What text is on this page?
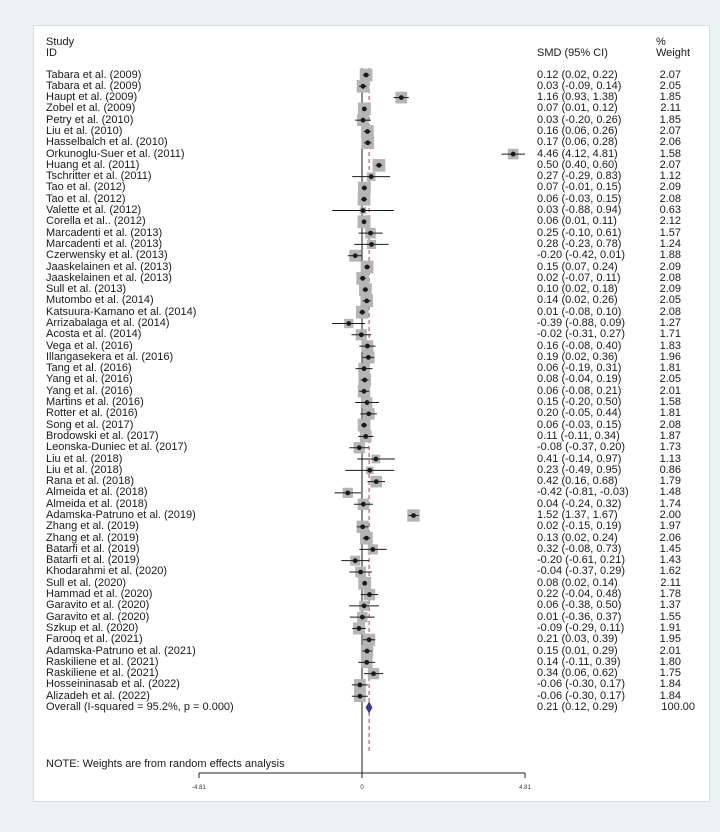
Study
ID	SMD (95% CI)
%
Weight
Tabara et al. (2009)	0.12 (0.02, 0.22)	2.07
Tabara et al. (2009)	0.03 (-0.09, 0.14)	2.05
Haupt et al. (2009)	1.16 (0.93, 1.38)	1.85
Zobel et al. (2009)	0.07 (0.01, 0.12)	2.11
Petry et al. (2010)	0.03 (-0.20, 0.26)	1.85
Liu et al. (2010)	0.16 (0.06, 0.26)	2.07
Hasselbalch et al. (2010)	0.17 (0.06, 0.28)	2.06
Orkunoglu-Suer et al. (2011)	4.46 (4.12, 4.81)	1.58
Huang et al. (2011)	0.50 (0.40, 0.60)	2.07
Tschritter et al. (2011)	0.27 (-0.29, 0.83)	1.12
Tao et al. (2012)	0.07 (-0.01, 0.15)	2.09
Tao et al. (2012)	0.06 (-0.03, 0.15)	2.08
Valette et al. (2012)	0.03 (-0.88, 0.94)	0.63
Corella et al.. (2012)	0.06 (0.01, 0.11)	2.12
Marcadenti et al. (2013)	0.25 (-0.10, 0.61)	1.57
Marcadenti et al. (2013)	0.28 (-0.23, 0.78)	1.24
Czerwensky et al. (2013)	-0.20 (-0.42, 0.01)	1.88
Jaaskelainen et al. (2013)	0.15 (0.07, 0.24)	2.09
Jaaskelainen et al. (2013)	0.02 (-0.07, 0.11)	2.08
Sull et al. (2013)	0.10 (0.02, 0.18)	2.09
Mutombo et al. (2014)	0.14 (0.02, 0.26)	2.05
Katsuura-Kamano et al. (2014)	0.01 (-0.08, 0.10)	2.08
Arrizabalaga et al. (2014)	-0.39 (-0.88, 0.09)	1.27
Acosta et al. (2014)	-0.02 (-0.31, 0.27)	1.71
Vega et al. (2016)	0.16 (-0.08, 0.40)	1.83
Illangasekera et al. (2016)	0.19 (0.02, 0.36)	1.96
Tang et al. (2016)	0.06 (-0.19, 0.31)	1.81
Yang et al. (2016)	0.08 (-0.04, 0.19)	2.05
Yang et al. (2016)	0.06 (-0.08, 0.21)	2.01
Martins et al. (2016)	0.15 (-0.20, 0.50)	1.58
Rotter et al. (2016)	0.20 (-0.05, 0.44)	1.81
Song et al. (2017)	0.06 (-0.03, 0.15)	2.08
Brodowski et al. (2017)	0.11 (-0.11, 0.34)	1.87
Leonska-Duniec et al. (2017)	-0.08 (-0.37, 0.20)	1.73
Liu et al. (2018)	0.41 (-0.14, 0.97)	1.13
Liu et al. (2018)	0.23 (-0.49, 0.95)	0.86
Rana et al. (2018)	0.42 (0.16, 0.68)	1.79
Almeida et al. (2018)	-0.42 (-0.81, -0.03)	1.48
Almeida et al. (2018)	0.04 (-0.24, 0.32)	1.74
Adamska-Patruno et al. (2019)	1.52 (1.37, 1.67)	2.00
Zhang et al. (2019)	0.02 (-0.15, 0.19)	1.97
Zhang et al. (2019)	0.13 (0.02, 0.24)	2.06
Batarfi et al. (2019)	0.32 (-0.08, 0.73)	1.45
Batarfi et al. (2019)	-0.20 (-0.61, 0.21)	1.43
Khodarahmi et al. (2020)	-0.04 (-0.37, 0.29)	1.62
Sull et al. (2020)	0.08 (0.02, 0.14)	2.11
Hammad et al. (2020)	0.22 (-0.04, 0.48)	1.78
Garavito et al. (2020)	0.06 (-0.38, 0.50)	1.37
Garavito et al. (2020)	0.01 (-0.36, 0.37)	1.55
Szkup et al. (2020)	-0.09 (-0.29, 0.11)	1.91
Farooq et al. (2021)	0.21 (0.03, 0.39)	1.95
Adamska-Patruno et al. (2021)	0.15 (0.01, 0.29)	2.01
Raskiliene et al. (2021)	0.14 (-0.11, 0.39)	1.80
Raskiliene et al. (2021)	0.34 (0.06, 0.62)	1.75
Hosseininasab et al. (2022)	-0.06 (-0.30, 0.17)	1.84
Alizadeh et al. (2022)	-0.06 (-0.30, 0.17)	1.84
Overall (I-squared = 95.2%, p = 0.000)	0.21 (0.12, 0.29)	100.00
NOTE: Weights are from random effects analysis
-4.81	0	4.81
